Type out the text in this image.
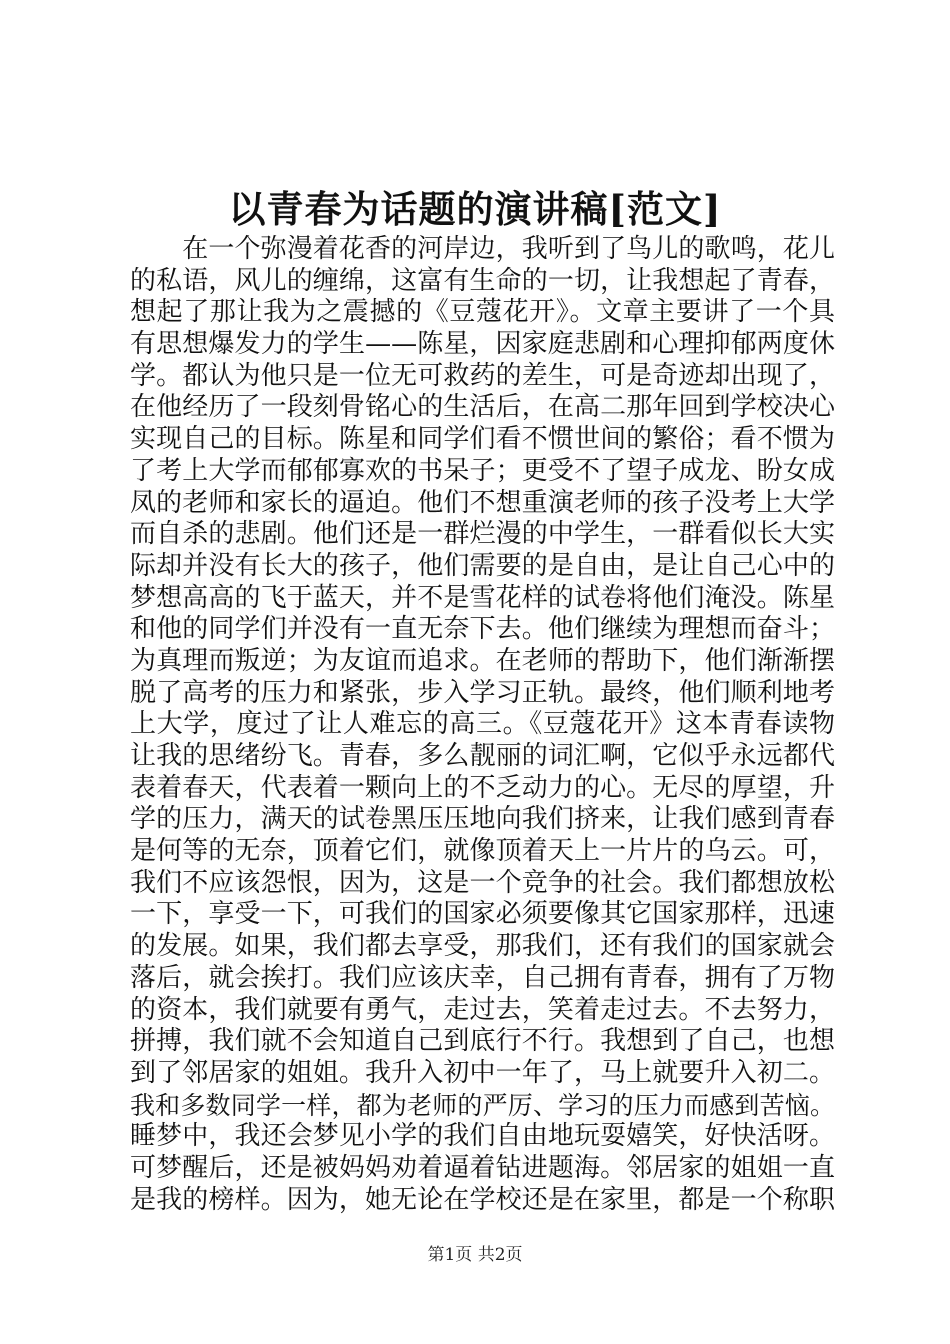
以青春为话题的演讲稿[范文]
　　在一个弥漫着花香的河岸边，我听到了鸟儿的歌鸣，花儿
的私语，风儿的缠绵，这富有生命的一切，让我想起了青春，
想起了那让我为之震撼的《豆蔻花开》。文章主要讲了一个具
有思想爆发力的学生——陈星，因家庭悲剧和心理抑郁两度休
学。都认为他只是一位无可救药的差生，可是奇迹却出现了，
在他经历了一段刻骨铭心的生活后，在高二那年回到学校决心
实现自己的目标。陈星和同学们看不惯世间的繁俗；看不惯为
了考上大学而郁郁寡欢的书呆子；更受不了望子成龙、盼女成
凤的老师和家长的逼迫。他们不想重演老师的孩子没考上大学
而自杀的悲剧。他们还是一群烂漫的中学生，一群看似长大实
际却并没有长大的孩子，他们需要的是自由，是让自己心中的
梦想高高的飞于蓝天，并不是雪花样的试卷将他们淹没。陈星
和他的同学们并没有一直无奈下去。他们继续为理想而奋斗；
为真理而叛逆；为友谊而追求。在老师的帮助下，他们渐渐摆
脱了高考的压力和紧张，步入学习正轨。最终，他们顺利地考
上大学，度过了让人难忘的高三。《豆蔻花开》这本青春读物
让我的思绪纷飞。青春，多么靓丽的词汇啊，它似乎永远都代
表着春天，代表着一颗向上的不乏动力的心。无尽的厚望，升
学的压力，满天的试卷黑压压地向我们挤来，让我们感到青春
是何等的无奈，顶着它们，就像顶着天上一片片的乌云。可，
我们不应该怨恨，因为，这是一个竞争的社会。我们都想放松
一下，享受一下，可我们的国家必须要像其它国家那样，迅速
的发展。如果，我们都去享受，那我们，还有我们的国家就会
落后，就会挨打。我们应该庆幸，自己拥有青春，拥有了万物
的资本，我们就要有勇气，走过去，笑着走过去。不去努力，
拼搏，我们就不会知道自己到底行不行。我想到了自己，也想
到了邻居家的姐姐。我升入初中一年了，马上就要升入初二。
我和多数同学一样，都为老师的严厉、学习的压力而感到苦恼。
睡梦中，我还会梦见小学的我们自由地玩耍嬉笑，好快活呀。
可梦醒后，还是被妈妈劝着逼着钻进题海。邻居家的姐姐一直
是我的榜样。因为，她无论在学校还是在家里，都是一个称职
第1页 共2页
